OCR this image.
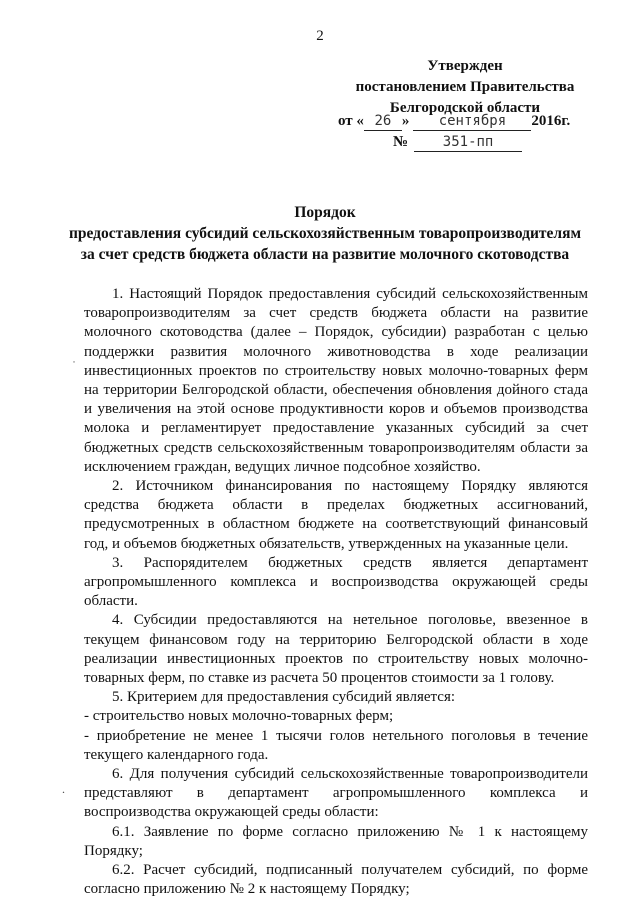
2
Утвержден
постановлением Правительства
Белгородской области
от « 26 » сентября 2016г.
№ 351-пп
Порядок
предоставления субсидий сельскохозяйственным товаропроизводителям
за счет средств бюджета области на развитие молочного скотоводства

1. Настоящий Порядок предоставления субсидий сельскохозяйственным товаропроизводителям за счет средств бюджета области на развитие молочного скотоводства (далее – Порядок, субсидии) разработан с целью поддержки развития молочного животноводства в ходе реализации инвестиционных проектов по строительству новых молочно-товарных ферм на территории Белгородской области, обеспечения обновления дойного стада и увеличения на этой основе продуктивности коров и объемов производства молока и регламентирует предоставление указанных субсидий за счет бюджетных средств сельскохозяйственным товаропроизводителям области за исключением граждан, ведущих личное подсобное хозяйство.

2. Источником финансирования по настоящему Порядку являются средства бюджета области в пределах бюджетных ассигнований, предусмотренных в областном бюджете на соответствующий финансовый год, и объемов бюджетных обязательств, утвержденных на указанные цели.

3. Распорядителем бюджетных средств является департамент агропромышленного комплекса и воспроизводства окружающей среды области.

4. Субсидии предоставляются на нетельное поголовье, ввезенное в текущем финансовом году на территорию Белгородской области в ходе реализации инвестиционных проектов по строительству новых молочно-товарных ферм, по ставке из расчета 50 процентов стоимости за 1 голову.

5. Критерием для предоставления субсидий является:

- строительство новых молочно-товарных ферм;

- приобретение не менее 1 тысячи голов нетельного поголовья в течение текущего календарного года.

6. Для получения субсидий сельскохозяйственные товаропроизводители представляют в департамент агропромышленного комплекса и воспроизводства окружающей среды области:

6.1. Заявление по форме согласно приложению № 1 к настоящему Порядку;

6.2. Расчет субсидий, подписанный получателем субсидий, по форме согласно приложению № 2 к настоящему Порядку;

˙
.
